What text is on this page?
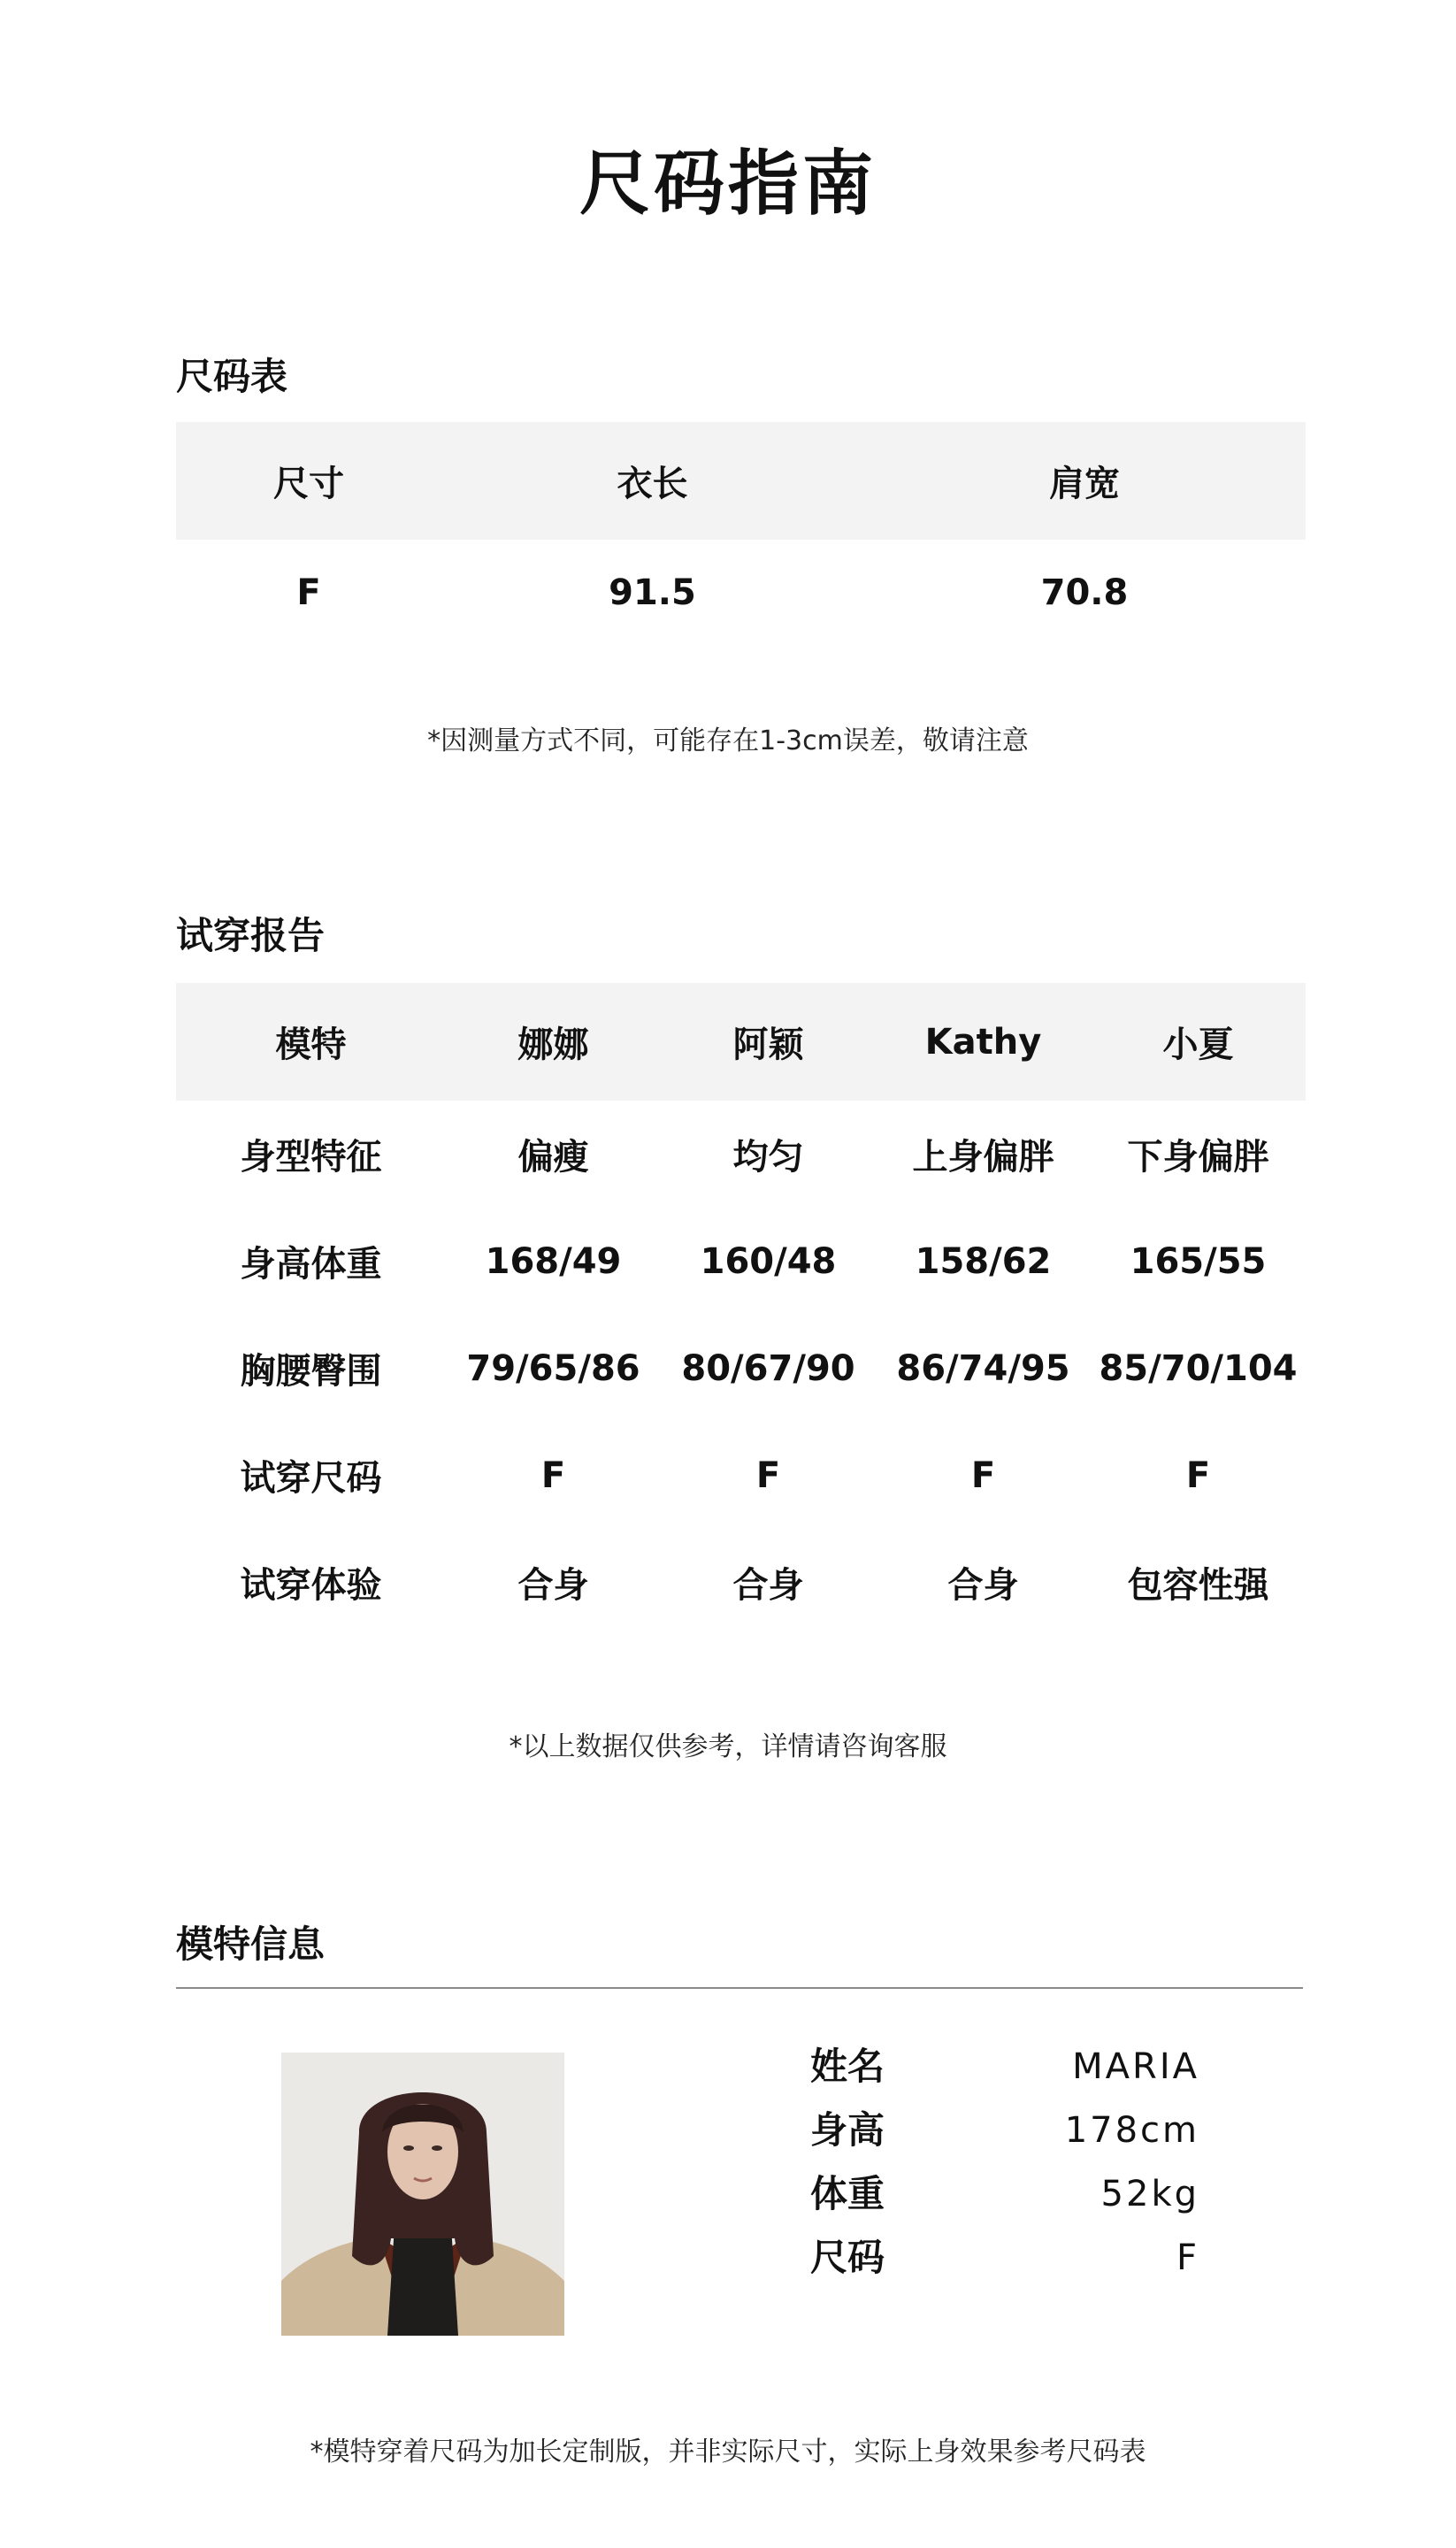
尺码指南
尺码表
尺寸	衣长	肩宽
F	91.5	70.8
*因测量方式不同，可能存在1-3cm误差，敬请注意
试穿报告
模特	娜娜	阿颖	Kathy	小夏
身型特征	偏瘦	均匀	上身偏胖	下身偏胖
身高体重	168/49	160/48	158/62	165/55
胸腰臀围	79/65/86	80/67/90	86/74/95 85/70/104
试穿尺码	F	F	F	F
试穿体验	合身	合身	合身	包容性强
*以上数据仅供参考，详情请咨询客服
模特信息
姓名	MARIA
身高	178cm
体重	52kg
尺码	F
*模特穿着尺码为加长定制版，并非实际尺寸，实际上身效果参考尺码表
